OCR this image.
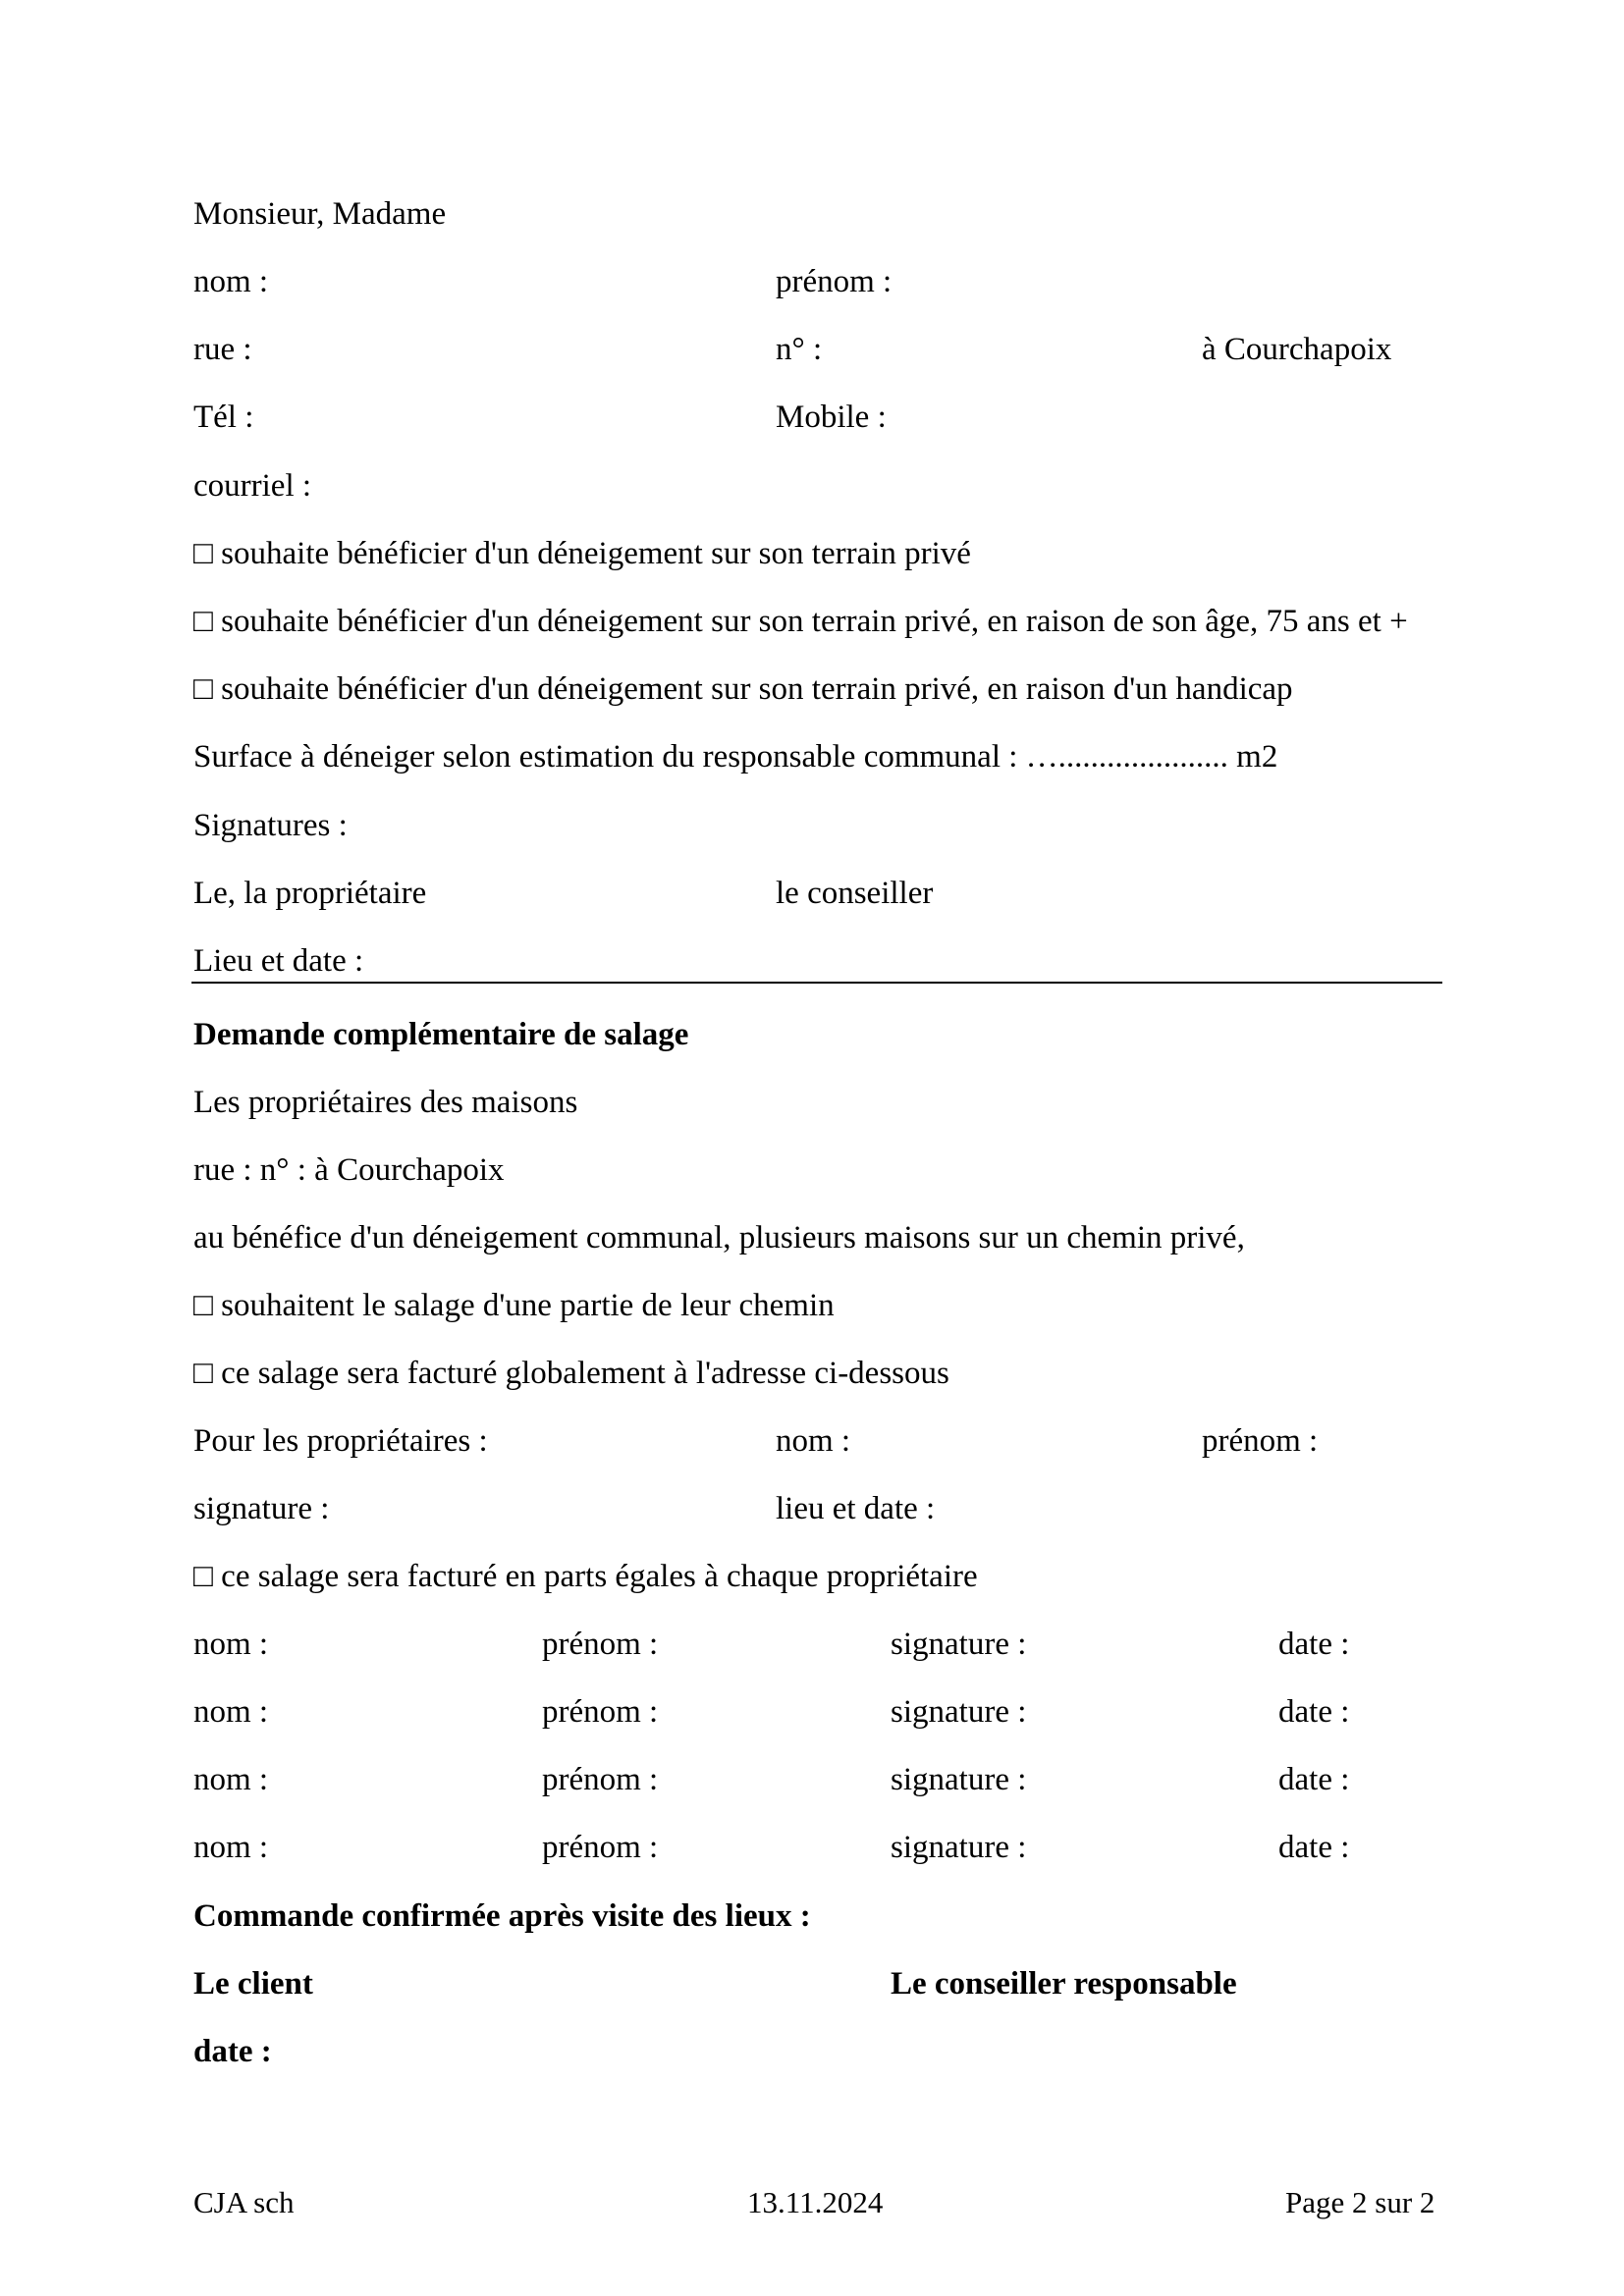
Monsieur, Madame
nom :	prénom :
rue :	n° :	à Courchapoix
Tél :	Mobile :
courriel :
□ souhaite bénéficier d'un déneigement sur son terrain privé
□ souhaite bénéficier d'un déneigement sur son terrain privé, en raison de son âge, 75 ans et +
□ souhaite bénéficier d'un déneigement sur son terrain privé, en raison d'un handicap
Surface à déneiger selon estimation du responsable communal : …..................... m2
Signatures :
Le, la propriétaire	le conseiller
Lieu et date :
Demande complémentaire de salage
Les propriétaires des maisons
rue : n° : à Courchapoix
au bénéfice d'un déneigement communal, plusieurs maisons sur un chemin privé,
□ souhaitent le salage d'une partie de leur chemin
□ ce salage sera facturé globalement à l'adresse ci-dessous
Pour les propriétaires :	nom :	prénom :
signature :	lieu et date :
□ ce salage sera facturé en parts égales à chaque propriétaire
nom :	prénom :	signature :	date :
nom :	prénom :	signature :	date :
nom :	prénom :	signature :	date :
nom :	prénom :	signature :	date :
Commande confirmée après visite des lieux :
Le client	Le conseiller responsable
date :
CJA sch	13.11.2024	Page 2 sur 2
